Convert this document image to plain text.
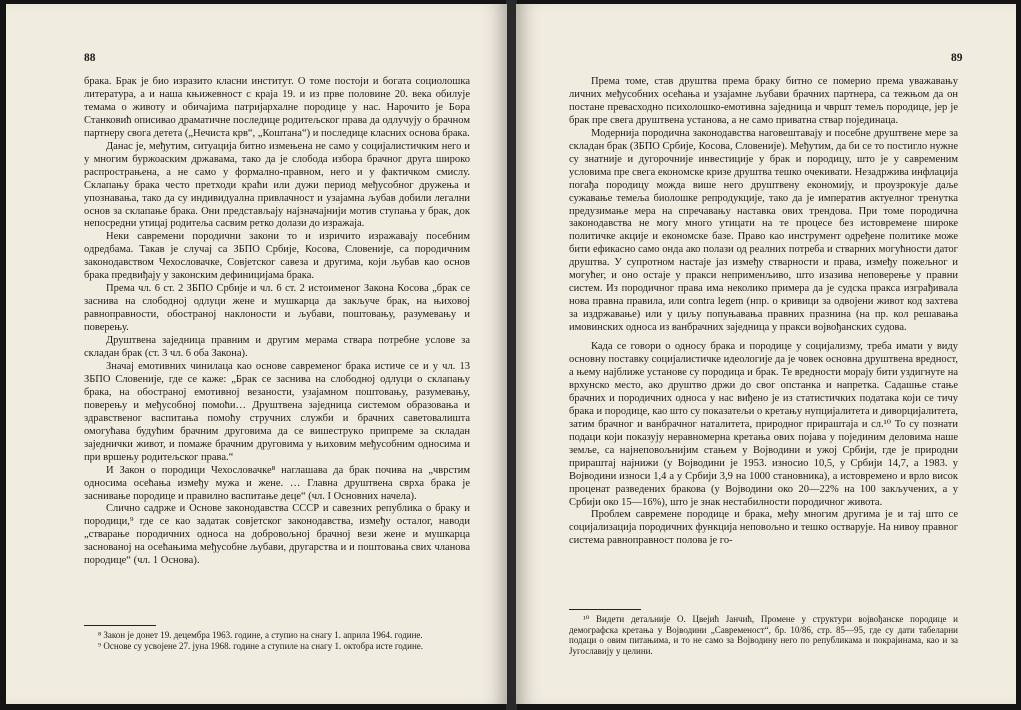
88

брака. Брак је био изразито класни институт. О томе постоји и богата социолошка литература, а и наша књижевност с краја 19. и из прве половине 20. века обилује темама о животу и обичајима патријархалне породице у нас. Нарочито је Бора Станковић описивао драматичне последице родитељског права да одлучују о брачном партнеру свога детета („Нечиста крв“, „Коштана“) и последице класних основа брака.

Данас је, међутим, ситуација битно измењена не само у социјалистичким него и у многим буржоаским државама, тако да је слобода избора брачног друга широко распрострањена, а не само у формално-правном, него и у фактичком смислу. Склапању брака често претходи краћи или дужи период међусобног дружења и упознавања, тако да су индивидуална привлачност и узајамна љубав добили легални основ за склапање брака. Они представљају најзначајнији мотив ступања у брак, док непосредни утицај родитеља сасвим ретко долази до изражаја.

Неки савремени породични закони то и изричито изражавају посебним одредбама. Такав је случај са ЗБПО Србије, Косова, Словеније, са породичним законодавством Чехословачке, Совјетског савеза и другима, који љубав као основ брака предвиђају у законским дефиницијама брака.

Према чл. 6 ст. 2 ЗБПО Србије и чл. 6 ст. 2 истоименог Закона Косова „брак се заснива на слободној одлуци жене и мушкарца да закључе брак, на њиховој равноправности, обостраној наклоности и љубави, поштовању, разумевању и поверењу.

Друштвена заједница правним и другим мерама ствара потребне услове за складан брак (ст. 3 чл. 6 оба Закона).

Значај емотивних чинилаца као основе савременог брака истиче се и у чл. 13 ЗБПО Словеније, где се каже: „Брак се заснива на слободној одлуци о склапању брака, на обостраној емотивној везаности, узајамном поштовању, разумевању, поверењу и међусобној помоћи… Друштвена заједница системом образовања и здравственог васпитања помоћу стручних служби и брачних саветовалишта омогућава будућим брачним друговима да се вишеструкo припреме за складан заједнички живот, и помаже брачним друговима у њиховим међусобним односима и при вршењу родитељског права.“

И Закон о породици Чехословачке⁸ наглашава да брак почива на „чврстим односима осећања између мужа и жене. … Главна друштвена сврха брака је заснивање породице и правилно васпитање деце“ (чл. I Основних начела).

Слично садржe и Основе законодавства СССР и савезних република о браку и породици,⁹ где се као задатак совјетског законодавства, између осталог, наводи „стварање породичних односа на добровољној брачној вези жене и мушкарца заснованој на осећањима међусобне љубави, другарства и и поштовања свих чланова породице“ (чл. 1 Основа).

⁸ Закон је донет 19. децембра 1963. године, а ступио на снагу 1. априла 1964. године.

⁹ Основе су усвојене 27. јуна 1968. године а ступиле на снагу 1. октобра исте године.

89

Према томе, став друштва према браку битно се померио према уважавању личних међусобних осећања и узајамне љубави брачних партнера, са тежњом да он постане превасходно психолошко-емотивна заједница и чвршт темељ породице, јер је брак пре свега друштвена установа, а не само приватна ствар појединаца.

Модерниja породична законодавства наговештавају и посебне друштвене мере за складан брак (ЗБПО Србије, Косова, Словеније). Међутим, да би се то постигло нужне су знатније и дугорочније инвестиције у брак и породицу, што је у савременим условима пре свега економске кризе друштва тешко очекивати. Незадржива инфлација погађа породицу можда више него друштвену економију, и проузрокује даље сужавање темеља биолошке репродукције, тако да је императив актуелног тренутка предузимање мера на спречавању наставка ових трендова. При томе породична законодавства не могу много утицати на те процесе без истовремене широке политичке акције и економске базе. Право као инструмент одређене политике може бити ефикасно само онда ако полази од реалних потреба и стварних могућности датог друштва. У супротном настаје јаз између стварности и права, између пожељног и могућег, и оно остаје у пракси неприменљиво, што изазива неповерење у правни систем. Из породичног права има неколико примера да је судска пракса изграђивала нова правна правила, или contra legem (нпр. о кривици за одвојени живот код захтева за издржавање) или у циљу попуњавања правних празнина (на пр. кол решавања имовинских односа из ванбрачних заједница у пракси војвођанских судова.

Када се говори о односу брака и породице у социјализму, треба имати у виду основну поставку социјалистичке идеологије да је човек основна друштвена вредност, а њему најближе установе су породица и брак. Те вредности морају бити уздигнуте на врхунско место, ако друштво држи до свог опстанка и напретка. Садашње стање брачних и породичних односа у нас виђено је из статистичких података који се тичу брака и породице, као што су показатељи о кретању нупцијалитета и диворцијалитета, затим брачног и ванбрачног наталитета, природног прираштаја и сл.¹⁰ То су познати подаци који показују неравномерна кретања ових појава у појединим деловима наше земље, са најнеповољнијим стањем у Војводини и ужој Србији, где је природни прираштај најнижи (у Војводини је 1953. износио 10,5, у Србији 14,7, а 1983. у Војводини износи 1,4 а у Србији 3,9 на 1000 становника), а истовремено и врло висок проценат разведених бракова (у Војводини око 20—22% на 100 закључених, а у Србији око 15—16%), што је знак нестабилности породичног живота.

Проблем савремене породице и брака, међу многим другима је и тај што се социјализација породичних функција неповољно и тешко остварује. На нивоу правног система равноправност полова је го-

¹⁰ Видети детаљније О. Цвејић Јанчић, Промене у структури војвођанске породице и демографска кретања у Војводини „Савременост“, бр. 10/86, стр. 85—95, где су дати табеларни подаци о овим питањима, и то не само за Војводину него по републикама и покрајинама, као и за Југославију у целини.
